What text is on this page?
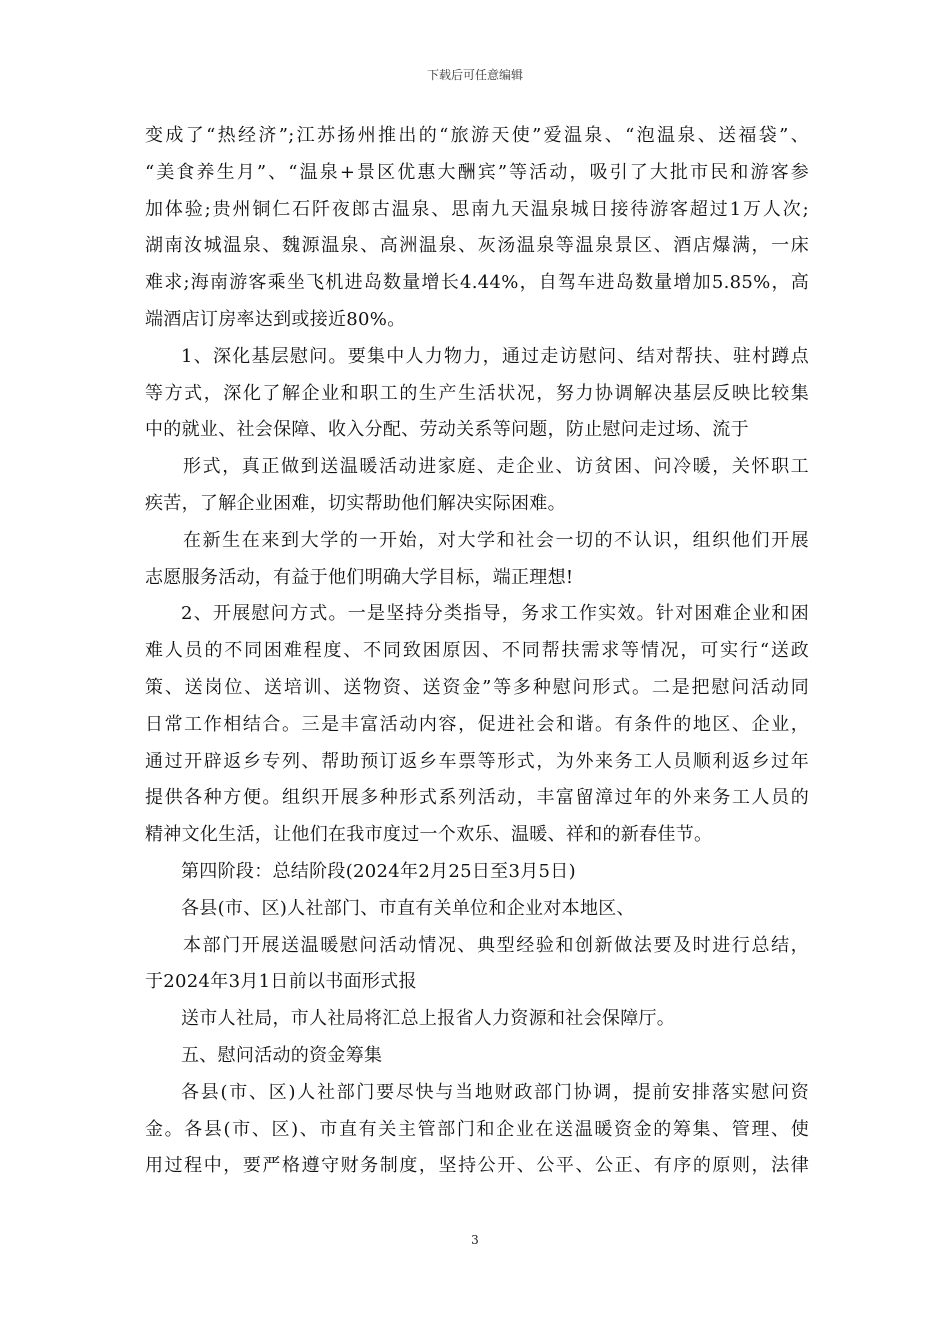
下载后可任意编辑
变成了“热经济”;江苏扬州推出的“旅游天使”爱温泉、“泡温泉、送福袋”、
“美食养生月”、“温泉+景区优惠大酬宾”等活动，吸引了大批市民和游客参
加体验;贵州铜仁石阡夜郎古温泉、思南九天温泉城日接待游客超过1万人次;
湖南汝城温泉、魏源温泉、高洲温泉、灰汤温泉等温泉景区、酒店爆满，一床
难求;海南游客乘坐飞机进岛数量增长4.44%，自驾车进岛数量增加5.85%，高
端酒店订房率达到或接近80%。
1、深化基层慰问。要集中人力物力，通过走访慰问、结对帮扶、驻村蹲点
等方式，深化了解企业和职工的生产生活状况，努力协调解决基层反映比较集
中的就业、社会保障、收入分配、劳动关系等问题，防止慰问走过场、流于
形式，真正做到送温暖活动进家庭、走企业、访贫困、问冷暖，关怀职工
疾苦，了解企业困难，切实帮助他们解决实际困难。
在新生在来到大学的一开始，对大学和社会一切的不认识，组织他们开展
志愿服务活动，有益于他们明确大学目标，端正理想!
2、开展慰问方式。一是坚持分类指导，务求工作实效。针对困难企业和困
难人员的不同困难程度、不同致困原因、不同帮扶需求等情况，可实行“送政
策、送岗位、送培训、送物资、送资金”等多种慰问形式。二是把慰问活动同
日常工作相结合。三是丰富活动内容，促进社会和谐。有条件的地区、企业，
通过开辟返乡专列、帮助预订返乡车票等形式，为外来务工人员顺利返乡过年
提供各种方便。组织开展多种形式系列活动，丰富留漳过年的外来务工人员的
精神文化生活，让他们在我市度过一个欢乐、温暖、祥和的新春佳节。
第四阶段：总结阶段(2024年2月25日至3月5日)
各县(市、区)人社部门、市直有关单位和企业对本地区、
本部门开展送温暖慰问活动情况、典型经验和创新做法要及时进行总结，
于2024年3月1日前以书面形式报
送市人社局，市人社局将汇总上报省人力资源和社会保障厅。
五、慰问活动的资金筹集
各县(市、区)人社部门要尽快与当地财政部门协调，提前安排落实慰问资
金。各县(市、区)、市直有关主管部门和企业在送温暖资金的筹集、管理、使
用过程中，要严格遵守财务制度，坚持公开、公平、公正、有序的原则，法律
3
